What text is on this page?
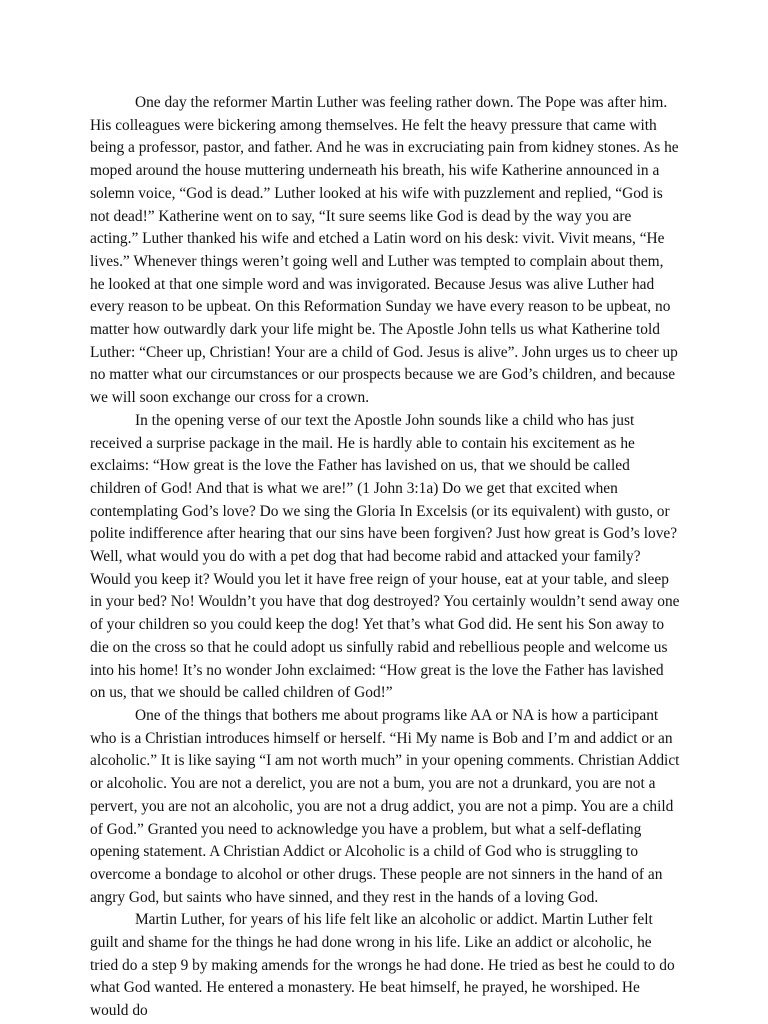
One day the reformer Martin Luther was feeling rather down. The Pope was after him. His colleagues were bickering among themselves. He felt the heavy pressure that came with being a professor, pastor, and father. And he was in excruciating pain from kidney stones. As he moped around the house muttering underneath his breath, his wife Katherine announced in a solemn voice, “God is dead.” Luther looked at his wife with puzzlement and replied, “God is not dead!” Katherine went on to say, “It sure seems like God is dead by the way you are acting.” Luther thanked his wife and etched a Latin word on his desk: vivit. Vivit means, “He lives.” Whenever things weren’t going well and Luther was tempted to complain about them, he looked at that one simple word and was invigorated. Because Jesus was alive Luther had every reason to be upbeat. On this Reformation Sunday we have every reason to be upbeat, no matter how outwardly dark your life might be. The Apostle John tells us what Katherine told Luther: “Cheer up, Christian! Your are a child of God. Jesus is alive”. John urges us to cheer up no matter what our circumstances or our prospects because we are God’s children, and because we will soon exchange our cross for a crown.

In the opening verse of our text the Apostle John sounds like a child who has just received a surprise package in the mail. He is hardly able to contain his excitement as he exclaims: “How great is the love the Father has lavished on us, that we should be called children of God! And that is what we are!” (1 John 3:1a) Do we get that excited when contemplating God’s love? Do we sing the Gloria In Excelsis (or its equivalent) with gusto, or polite indifference after hearing that our sins have been forgiven? Just how great is God’s love? Well, what would you do with a pet dog that had become rabid and attacked your family? Would you keep it? Would you let it have free reign of your house, eat at your table, and sleep in your bed? No! Wouldn’t you have that dog destroyed? You certainly wouldn’t send away one of your children so you could keep the dog! Yet that’s what God did. He sent his Son away to die on the cross so that he could adopt us sinfully rabid and rebellious people and welcome us into his home! It’s no wonder John exclaimed: “How great is the love the Father has lavished on us, that we should be called children of God!”

One of the things that bothers me about programs like AA or NA is how a participant who is a Christian introduces himself or herself. “Hi My name is Bob and I’m and addict or an alcoholic.” It is like saying “I am not worth much” in your opening comments. Christian Addict or alcoholic. You are not a derelict, you are not a bum, you are not a drunkard, you are not a pervert, you are not an alcoholic, you are not a drug addict, you are not a pimp. You are a child of God.” Granted you need to acknowledge you have a problem, but what a self-deflating opening statement. A Christian Addict or Alcoholic is a child of God who is struggling to overcome a bondage to alcohol or other drugs. These people are not sinners in the hand of an angry God, but saints who have sinned, and they rest in the hands of a loving God.

Martin Luther, for years of his life felt like an alcoholic or addict. Martin Luther felt guilt and shame for the things he had done wrong in his life. Like an addict or alcoholic, he tried do a step 9 by making amends for the wrongs he had done. He tried as best he could to do what God wanted. He entered a monastery. He beat himself, he prayed, he worshiped. He would do
